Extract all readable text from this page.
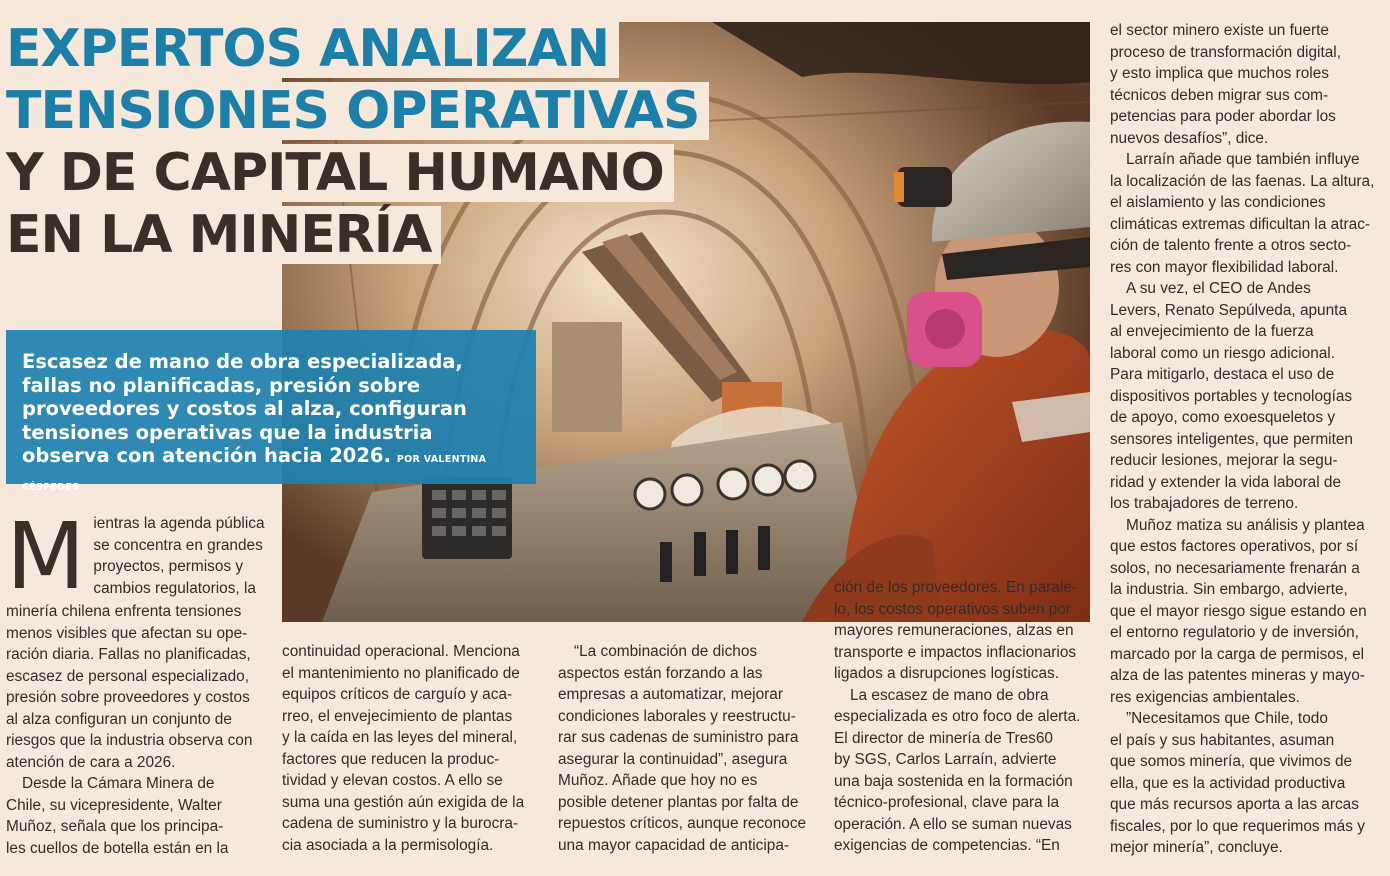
EXPERTOS ANALIZAN
TENSIONES OPERATIVAS
Y DE CAPITAL HUMANO
EN LA MINERÍA

Escasez de mano de obra especializada, fallas no planificadas, presión sobre proveedores y costos al alza, configuran tensiones operativas que la industria observa con atención hacia 2026. POR VALENTINA CÉSPEDES

M ientras la agenda pública
se concentra en grandes
proyectos, permisos y
cambios regulatorios, la
minería chilena enfrenta tensiones
menos visibles que afectan su ope-
ración diaria. Fallas no planificadas,
escasez de personal especializado,
presión sobre proveedores y costos
al alza configuran un conjunto de
riesgos que la industria observa con
atención de cara a 2026.
Desde la Cámara Minera de
Chile, su vicepresidente, Walter
Muñoz, señala que los principa-
les cuellos de botella están en la
continuidad operacional. Menciona
el mantenimiento no planificado de
equipos críticos de carguío y aca-
rreo, el envejecimiento de plantas
y la caída en las leyes del mineral,
factores que reducen la produc-
tividad y elevan costos. A ello se
suma una gestión aún exigida de la
cadena de suministro y la burocra-
cia asociada a la permisología.
“La combinación de dichos
aspectos están forzando a las
empresas a automatizar, mejorar
condiciones laborales y reestructu-
rar sus cadenas de suministro para
asegurar la continuidad”, asegura
Muñoz. Añade que hoy no es
posible detener plantas por falta de
repuestos críticos, aunque reconoce
una mayor capacidad de anticipa-
ción de los proveedores. En parale-
lo, los costos operativos suben por
mayores remuneraciones, alzas en
transporte e impactos inflacionarios
ligados a disrupciones logísticas.
La escasez de mano de obra
especializada es otro foco de alerta.
El director de minería de Tres60
by SGS, Carlos Larraín, advierte
una baja sostenida en la formación
técnico-profesional, clave para la
operación. A ello se suman nuevas
exigencias de competencias. “En
el sector minero existe un fuerte
proceso de transformación digital,
y esto implica que muchos roles
técnicos deben migrar sus com-
petencias para poder abordar los
nuevos desafíos”, dice.
Larraín añade que también influye
la localización de las faenas. La altura,
el aislamiento y las condiciones
climáticas extremas dificultan la atrac-
ción de talento frente a otros secto-
res con mayor flexibilidad laboral.
A su vez, el CEO de Andes
Levers, Renato Sepúlveda, apunta
al envejecimiento de la fuerza
laboral como un riesgo adicional.
Para mitigarlo, destaca el uso de
dispositivos portables y tecnologías
de apoyo, como exoesqueletos y
sensores inteligentes, que permiten
reducir lesiones, mejorar la segu-
ridad y extender la vida laboral de
los trabajadores de terreno.
Muñoz matiza su análisis y plantea
que estos factores operativos, por sí
solos, no necesariamente frenarán a
la industria. Sin embargo, advierte,
que el mayor riesgo sigue estando en
el entorno regulatorio y de inversión,
marcado por la carga de permisos, el
alza de las patentes mineras y mayo-
res exigencias ambientales.
”Necesitamos que Chile, todo
el país y sus habitantes, asuman
que somos minería, que vivimos de
ella, que es la actividad productiva
que más recursos aporta a las arcas
fiscales, por lo que requerimos más y
mejor minería”, concluye.
